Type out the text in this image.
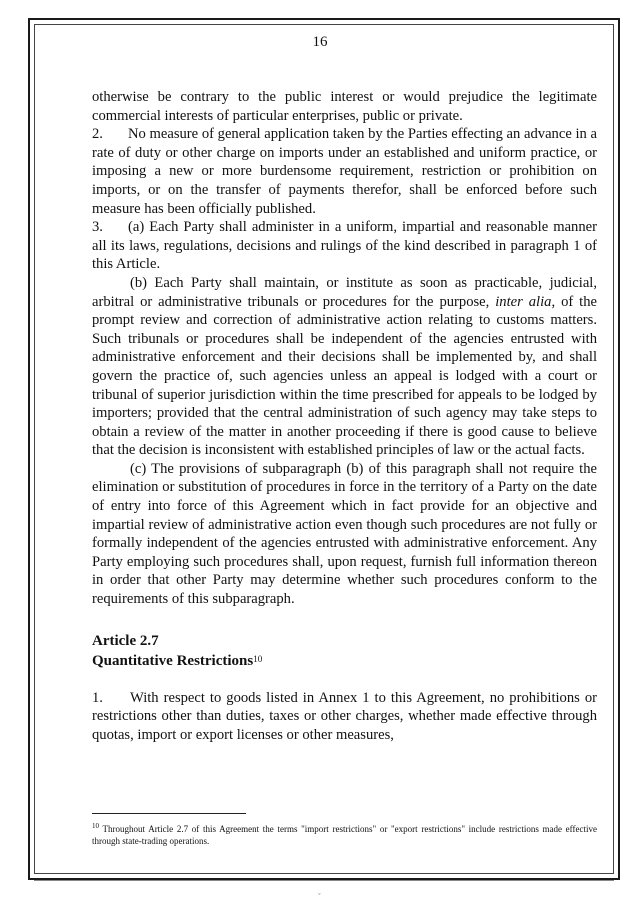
16

otherwise be contrary to the public interest or would prejudice the legitimate commercial interests of particular enterprises, public or private.

2. No measure of general application taken by the Parties effecting an advance in a rate of duty or other charge on imports under an established and uniform practice, or imposing a new or more burdensome requirement, restriction or prohibition on imports, or on the transfer of payments therefor, shall be enforced before such measure has been officially published.

3. (a) Each Party shall administer in a uniform, impartial and reasonable manner all its laws, regulations, decisions and rulings of the kind described in paragraph 1 of this Article.

(b) Each Party shall maintain, or institute as soon as practicable, judicial, arbitral or administrative tribunals or procedures for the purpose, inter alia, of the prompt review and correction of administrative action relating to customs matters. Such tribunals or procedures shall be independent of the agencies entrusted with administrative enforcement and their decisions shall be implemented by, and shall govern the practice of, such agencies unless an appeal is lodged with a court or tribunal of superior jurisdiction within the time prescribed for appeals to be lodged by importers; provided that the central administration of such agency may take steps to obtain a review of the matter in another proceeding if there is good cause to believe that the decision is inconsistent with established principles of law or the actual facts.

(c) The provisions of subparagraph (b) of this paragraph shall not require the elimination or substitution of procedures in force in the territory of a Party on the date of entry into force of this Agreement which in fact provide for an objective and impartial review of administrative action even though such procedures are not fully or formally independent of the agencies entrusted with administrative enforcement. Any Party employing such procedures shall, upon request, furnish full information thereon in order that other Party may determine whether such procedures conform to the requirements of this subparagraph.

Article 2.7

Quantitative Restrictions$^{10}$

1. With respect to goods listed in Annex 1 to this Agreement, no prohibitions or restrictions other than duties, taxes or other charges, whether made effective through quotas, import or export licenses or other measures,

$^{10}$ Throughout Article 2.7 of this Agreement the terms "import restrictions" or "export restrictions" include restrictions made effective through state-trading operations.
ˇ
